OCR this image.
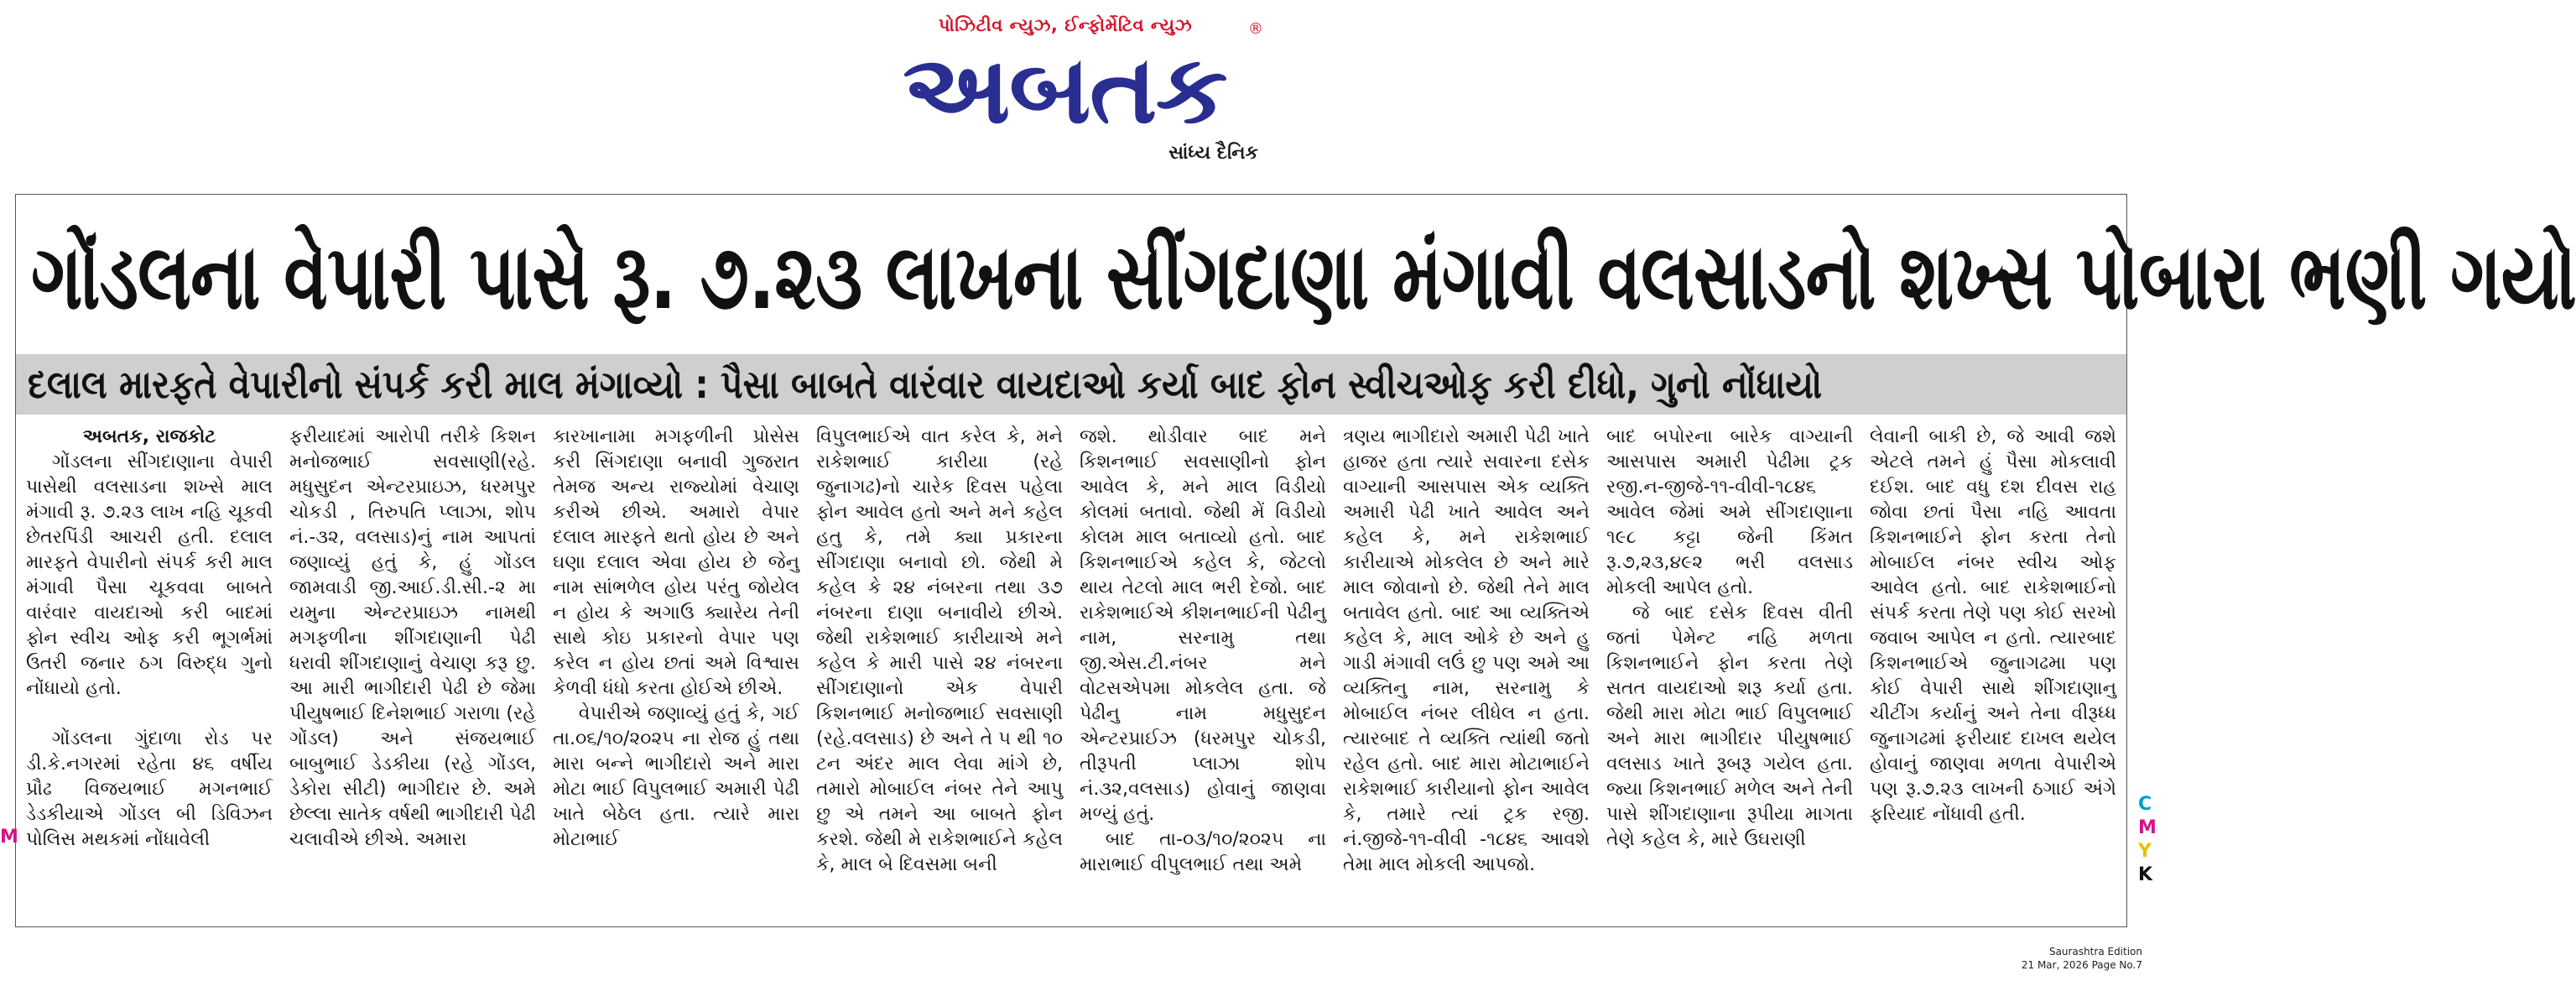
પોઝિટીવ ન્યુઝ, ઈન્ફોર્મેટિવ ન્યુઝ
અબતક
®
સાંધ્ય દૈનિક
M
ગોંડલના વેપારી પાસે રૂ. ૭.૨૩ લાખના સીંગદાણા મંગાવી વલસાડનો શખ્સ પોબારા ભણી ગયો
દલાલ મારફતે વેપારીનો સંપર્ક કરી માલ મંગાવ્યો : પૈસા બાબતે વારંવાર વાયદાઓ કર્યા બાદ ફોન સ્વીચઓફ કરી દીધો, ગુનો નોંધાયો
અબતક, રાજકોટ

ગોંડલના સીંગદાણાના વેપારી પાસેથી વલસાડના શખ્સે માલ મંગાવી રૂ. ૭.૨૩ લાખ નહિ ચૂકવી છેતરપિંડી આચરી હતી. દલાલ મારફતે વેપારીનો સંપર્ક કરી માલ મંગાવી પૈસા ચૂકવવા બાબતે વારંવાર વાયદાઓ કરી બાદમાં ફોન સ્વીચ ઓફ કરી ભૂગર્ભમાં ઉતરી જનાર ઠગ વિરુદ્ધ ગુનો નોંધાયો હતો.

ગોંડલના ગુંદાળા રોડ પર ડી.કે.નગરમાં રહેતા ૪૬ વર્ષીય પ્રૌઢ વિજયભાઈ મગનભાઈ ડેડકીયાએ ગોંડલ બી ડિવિઝન પોલિસ મથકમાં નોંધાવેલી

ફરીયાદમાં આરોપી તરીકે કિશન મનોજભાઈ સવસાણી(રહે. મધુસુદન એન્ટરપ્રાઇઝ, ધરમપુર ચોકડી , તિરુપતિ પ્લાઝા, શોપ નં.-૩૨, વલસાડ)નું નામ આપતાં જણાવ્યું હતું કે, હું ગોંડલ જામવાડી જી.આઈ.ડી.સી.-૨ મા યમુના એન્ટરપ્રાઇઝ નામથી મગફળીના શીંગદાણાની પેઢી ધરાવી શીંગદાણાનું વેચાણ કરૂ છુ. આ મારી ભાગીદારી પેઢી છે જેમા પીયુષભાઈ દિનેશભાઈ ગરાળા (રહે ગોંડલ) અને સંજયભાઈ બાબુભાઈ ડેડકીયા (રહે ગોંડલ, ડેકોરા સીટી) ભાગીદાર છે. અમે છેલ્લા સાતેક વર્ષથી ભાગીદારી પેઢી ચલાવીએ છીએ. અમારા

કારખાનામા મગફળીની પ્રોસેસ કરી સિંગદાણા બનાવી ગુજરાત તેમજ અન્ય રાજ્યોમાં વેચાણ કરીએ છીએ. અમારો વેપાર દલાલ મારફતે થતો હોય છે અને ઘણા દલાલ એવા હોય છે જેનુ નામ સાંભળેલ હોય પરંતુ જોયેલ ન હોય કે અગાઉ ક્યારેય તેની સાથે કોઇ પ્રકારનો વેપાર પણ કરેલ ન હોય છતાં અમે વિશ્વાસ કેળવી ધંધો કરતા હોઈએ છીએ.

વેપારીએ જણાવ્યું હતું કે, ગઈ તા.૦૬/૧૦/૨૦૨૫ ના રોજ હું તથા મારા બન્ને ભાગીદારો અને મારા મોટા ભાઈ વિપુલભાઈ અમારી પેઢી ખાતે બેઠેલ હતા. ત્યારે મારા મોટાભાઈ

વિપુલભાઈએ વાત કરેલ કે, મને રાકેશભાઈ કારીયા (રહે જુનાગઢ)નો ચારેક દિવસ પહેલા ફોન આવેલ હતો અને મને કહેલ હતુ કે, તમે ક્યા પ્રકારના સીંગદાણા બનાવો છો. જેથી મે કહેલ કે ૨૪ નંબરના તથા ૩૭ નંબરના દાણા બનાવીયે છીએ. જેથી રાકેશભાઈ કારીયાએ મને કહેલ કે મારી પાસે ૨૪ નંબરના સીંગદાણાનો એક વેપારી કિશનભાઈ મનોજભાઈ સવસાણી (રહે.વલસાડ) છે અને તે ૫ થી ૧૦ ટન અંદર માલ લેવા માંગે છે, તમારો મોબાઈલ નંબર તેને આપુ છુ એ તમને આ બાબતે ફોન કરશે. જેથી મે રાકેશભાઈને કહેલ કે, માલ બે દિવસમા બની

જશે. થોડીવાર બાદ મને કિશનભાઈ સવસાણીનો ફોન આવેલ કે, મને માલ વિડીયો કોલમાં બતાવો. જેથી મેં વિડીયો કોલમ માલ બતાવ્યો હતો. બાદ કિશનભાઈએ કહેલ કે, જેટલો થાય તેટલો માલ ભરી દેજો. બાદ રાકેશભાઈએ કીશનભાઈની પેઢીનુ નામ, સરનામુ તથા જી.એસ.ટી.નંબર મને વોટસએપમા મોકલેલ હતા. જે પેઢીનુ નામ મધુસુદન એન્ટરપ્રાઈઝ (ધરમપુર ચોકડી, તીરૂપતી પ્લાઝા શોપ નં.૩૨,વલસાડ) હોવાનું જાણવા મળ્યું હતું.

બાદ તા-૦૩/૧૦/૨૦૨૫ ના મારાભાઈ વીપુલભાઈ તથા અમે

ત્રણય ભાગીદારો અમારી પેઢી ખાતે હાજર હતા ત્યારે સવારના દસેક વાગ્યાની આસપાસ એક વ્યક્તિ અમારી પેઢી ખાતે આવેલ અને કહેલ કે, મને રાકેશભાઈ કારીયાએ મોકલેલ છે અને મારે માલ જોવાનો છે. જેથી તેને માલ બતાવેલ હતો. બાદ આ વ્યક્તિએ કહેલ કે, માલ ઓકે છે અને હુ ગાડી મંગાવી લઉં છુ પણ અમે આ વ્યક્તિનુ નામ, સરનામુ કે મોબાઈલ નંબર લીધેલ ન હતા. ત્યારબાદ તે વ્યક્તિ ત્યાંથી જતો રહેલ હતો. બાદ મારા મોટાભાઈને રાકેશભાઈ કારીયાનો ફોન આવેલ કે, તમારે ત્યાં ટ્રક રજી. નં.જીજે-૧૧-વીવી -૧૮૪૬ આવશે તેમા માલ મોકલી આપજો.

બાદ બપોરના બારેક વાગ્યાની આસપાસ અમારી પેઢીમા ટ્રક રજી.ન-જીજે-૧૧-વીવી-૧૮૪૬ આવેલ જેમાં અમે સીંગદાણાના ૧૯૮ કટ્ટા જેની કિંમત રૂ.૭,૨૩,૪૯૨ ભરી વલસાડ મોકલી આપેલ હતો.

જે બાદ દસેક દિવસ વીતી જતાં પેમેન્ટ નહિ મળતા કિશનભાઈને ફોન કરતા તેણે સતત વાયદાઓ શરૂ કર્યા હતા. જેથી મારા મોટા ભાઈ વિપુલભાઈ અને મારા ભાગીદાર પીયુષભાઈ વલસાડ ખાતે રૂબરૂ ગયેલ હતા. જ્યા કિશનભાઈ મળેલ અને તેની પાસે શીંગદાણાના રૂપીયા માગતા તેણે કહેલ કે, મારે ઉઘરાણી

લેવાની બાકી છે, જે આવી જશે એટલે તમને હું પૈસા મોકલાવી દઈશ. બાદ વધુ દશ દીવસ રાહ જોવા છતાં પૈસા નહિ આવતા કિશનભાઈને ફોન કરતા તેનો મોબાઈલ નંબર સ્વીચ ઓફ આવેલ હતો. બાદ રાકેશભાઈનો સંપર્ક કરતા તેણે પણ કોઈ સરખો જવાબ આપેલ ન હતો. ત્યારબાદ કિશનભાઈએ જુનાગઢમા પણ કોઈ વેપારી સાથે શીંગદાણાનુ ચીટીંગ કર્યાનું અને તેના વીરૂધ્ધ જુનાગઢમાં ફરીયાદ દાખલ થયેલ હોવાનું જાણવા મળતા વેપારીએ પણ રૂ.૭.૨૩ લાખની ઠગાઈ અંગે ફરિયાદ નોંધાવી હતી.	C
M
Y
K
Saurashtra Edition
21 Mar, 2026 Page No.7
